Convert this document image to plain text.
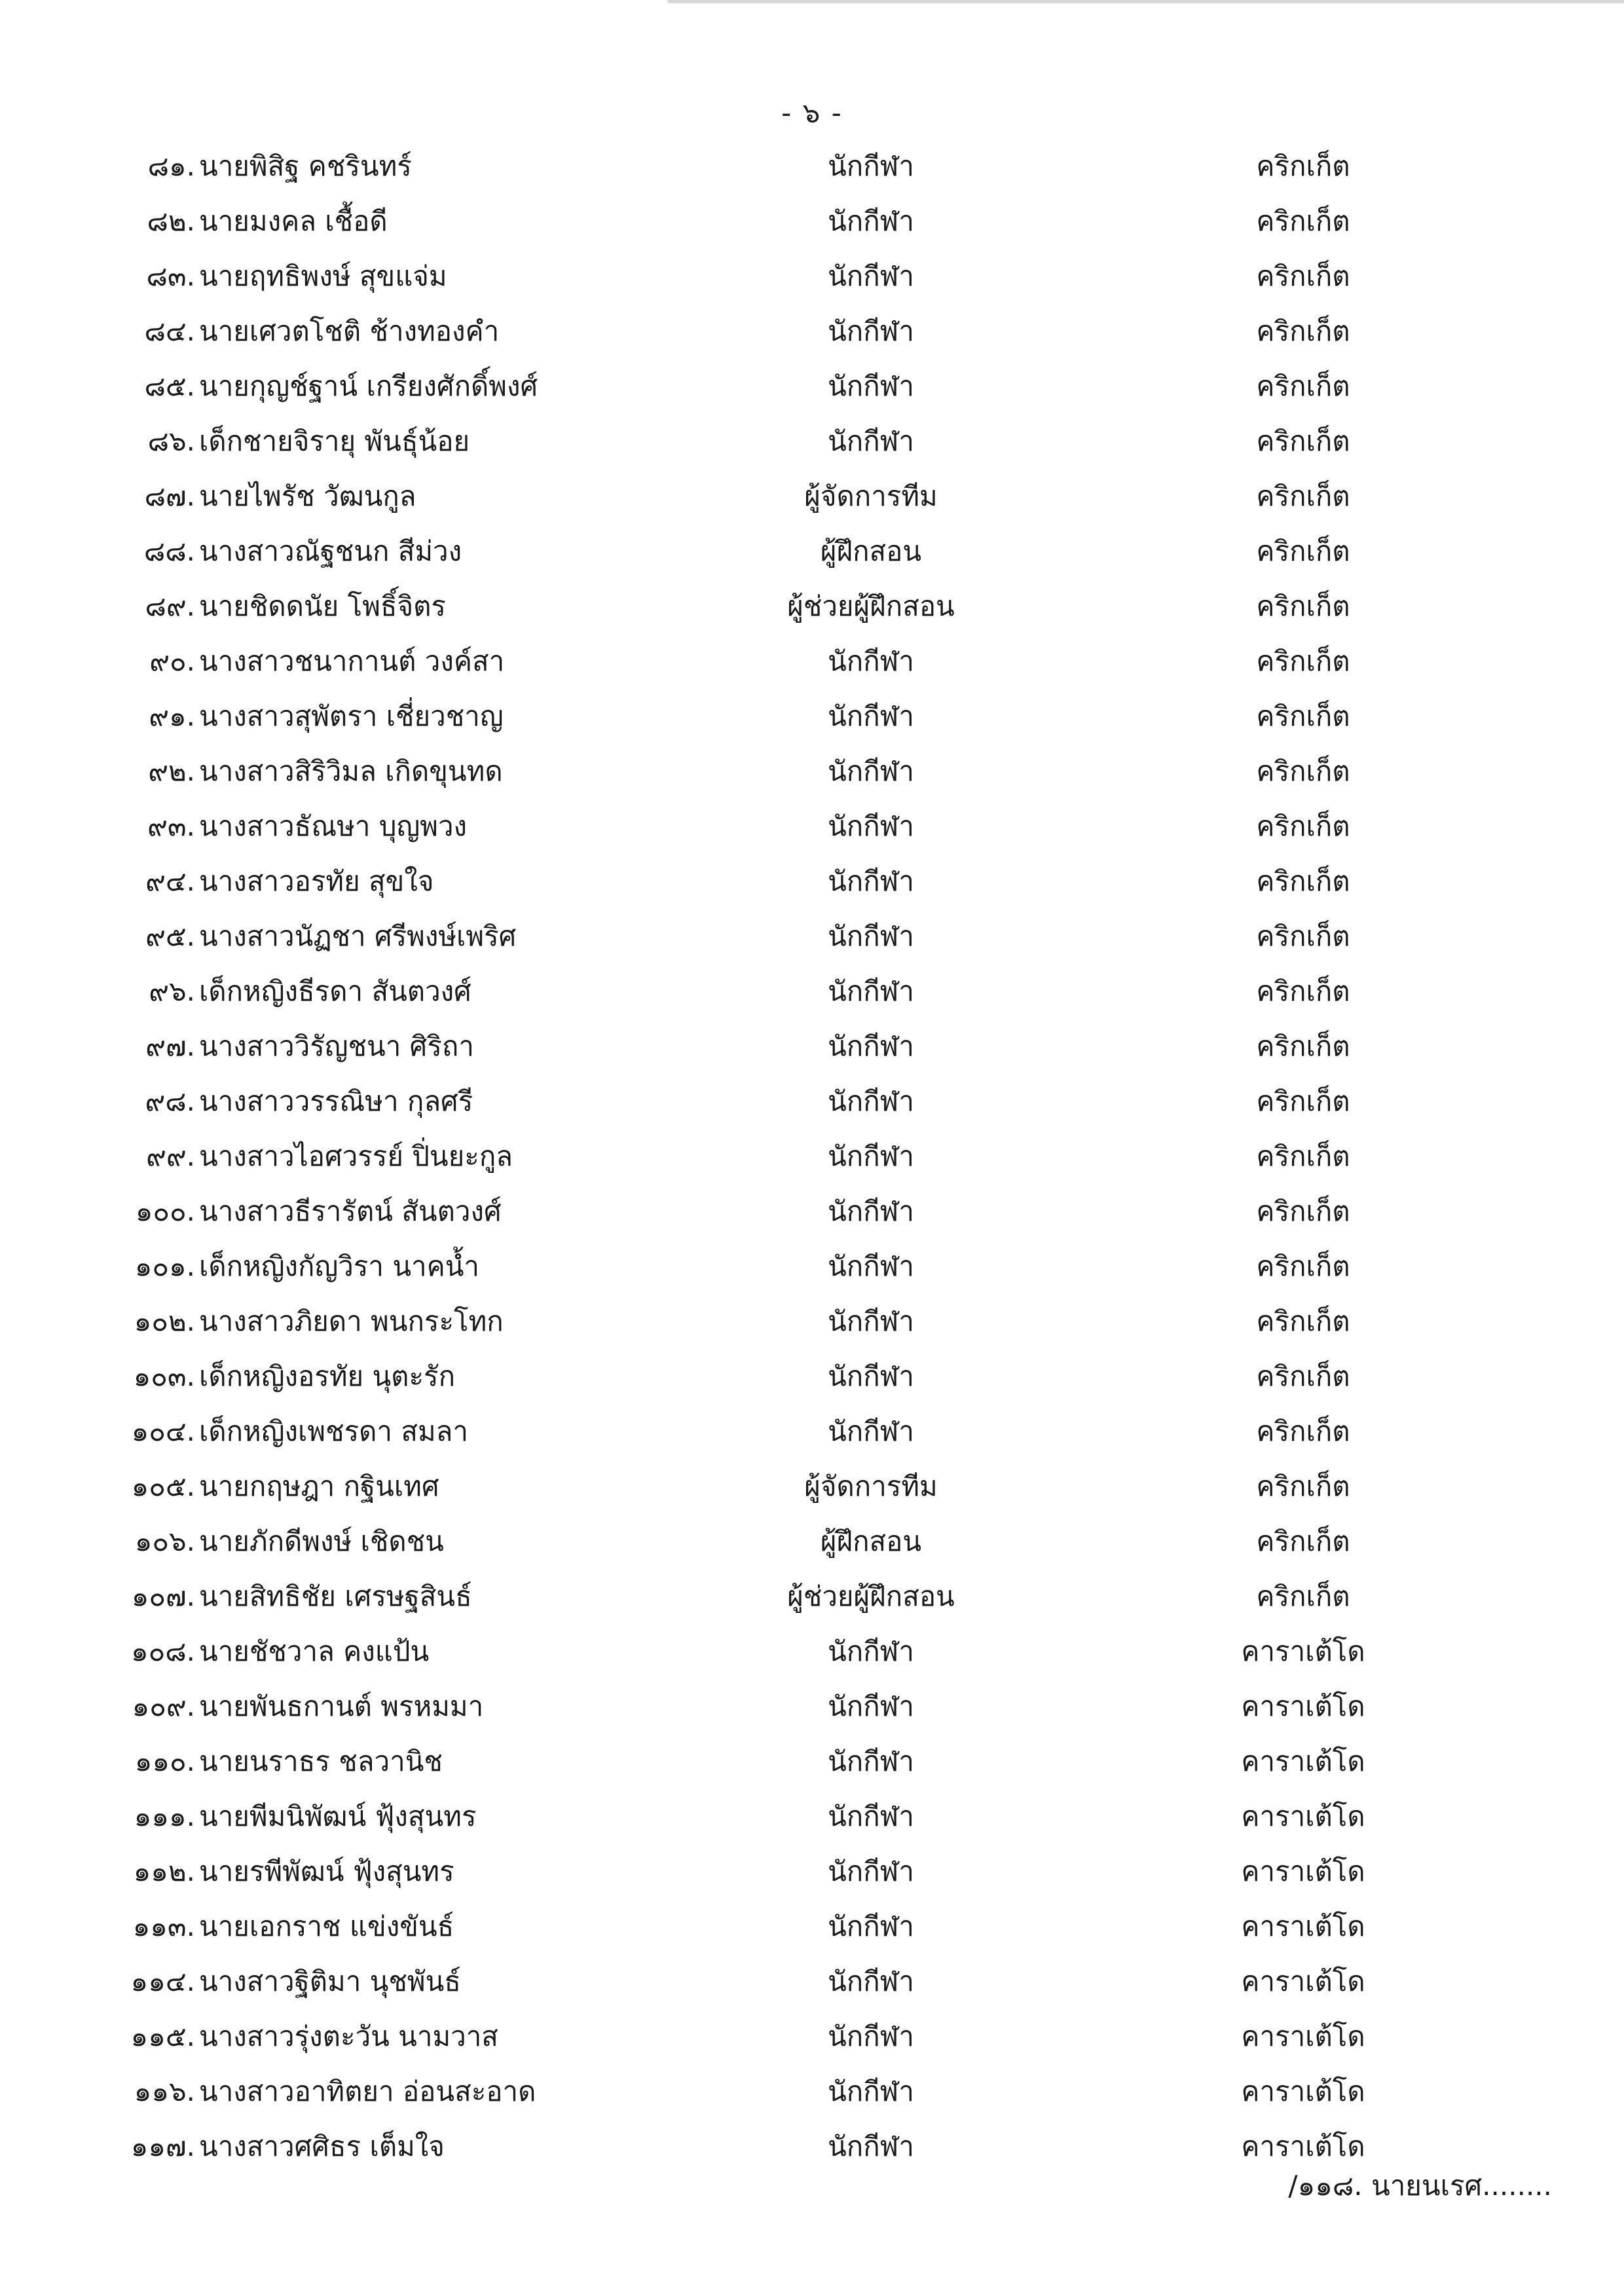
- ๖ -
๘๑. นายพิสิฐ คชรินทร์	นักกีฬา	คริกเก็ต
๘๒. นายมงคล เชื้อดี	นักกีฬา	คริกเก็ต
๘๓. นายฤทธิพงษ์ สุขแจ่ม	นักกีฬา	คริกเก็ต
๘๔. นายเศวตโชติ ช้างทองคำ	นักกีฬา	คริกเก็ต
๘๕. นายกุญช์ฐาน์ เกรียงศักดิ์พงศ์	นักกีฬา	คริกเก็ต
๘๖. เด็กชายจิรายุ พันธุ์น้อย	นักกีฬา	คริกเก็ต
๘๗. นายไพรัช วัฒนกูล	ผู้จัดการทีม	คริกเก็ต
๘๘. นางสาวณัฐชนก สีม่วง	ผู้ฝึกสอน	คริกเก็ต
๘๙. นายชิดดนัย โพธิ์จิตร	ผู้ช่วยผู้ฝึกสอน	คริกเก็ต
๙๐. นางสาวชนากานต์ วงค์สา	นักกีฬา	คริกเก็ต
๙๑. นางสาวสุพัตรา เชี่ยวชาญ	นักกีฬา	คริกเก็ต
๙๒. นางสาวสิริวิมล เกิดขุนทด	นักกีฬา	คริกเก็ต
๙๓. นางสาวธัณษา บุญพวง	นักกีฬา	คริกเก็ต
๙๔. นางสาวอรทัย สุขใจ	นักกีฬา	คริกเก็ต
๙๕. นางสาวนัฏชา ศรีพงษ์เพริศ	นักกีฬา	คริกเก็ต
๙๖. เด็กหญิงธีรดา สันตวงศ์	นักกีฬา	คริกเก็ต
๙๗. นางสาววิรัญชนา ศิริถา	นักกีฬา	คริกเก็ต
๙๘. นางสาววรรณิษา กุลศรี	นักกีฬา	คริกเก็ต
๙๙. นางสาวไอศวรรย์ ปิ่นยะกูล	นักกีฬา	คริกเก็ต
๑๐๐. นางสาวธีรารัตน์ สันตวงศ์	นักกีฬา	คริกเก็ต
๑๐๑. เด็กหญิงกัญวิรา นาคน้ำ	นักกีฬา	คริกเก็ต
๑๐๒. นางสาวภิยดา พนกระโทก	นักกีฬา	คริกเก็ต
๑๐๓. เด็กหญิงอรทัย นุตะรัก	นักกีฬา	คริกเก็ต
๑๐๔. เด็กหญิงเพชรดา สมลา	นักกีฬา	คริกเก็ต
๑๐๕. นายกฤษฎา กฐินเทศ	ผู้จัดการทีม	คริกเก็ต
๑๐๖. นายภักดีพงษ์ เชิดชน	ผู้ฝึกสอน	คริกเก็ต
๑๐๗. นายสิทธิชัย เศรษฐสินธ์	ผู้ช่วยผู้ฝึกสอน	คริกเก็ต
๑๐๘. นายชัชวาล คงแป้น	นักกีฬา	คาราเต้โด
๑๐๙. นายพันธกานต์ พรหมมา	นักกีฬา	คาราเต้โด
๑๑๐. นายนราธร ชลวานิช	นักกีฬา	คาราเต้โด
๑๑๑. นายพีมนิพัฒน์ ฟุ้งสุนทร	นักกีฬา	คาราเต้โด
๑๑๒. นายรพีพัฒน์ ฟุ้งสุนทร	นักกีฬา	คาราเต้โด
๑๑๓. นายเอกราช แข่งขันธ์	นักกีฬา	คาราเต้โด
๑๑๔. นางสาวฐิติมา นุชพันธ์	นักกีฬา	คาราเต้โด
๑๑๕. นางสาวรุ่งตะวัน นามวาส	นักกีฬา	คาราเต้โด
๑๑๖. นางสาวอาทิตยา อ่อนสะอาด	นักกีฬา	คาราเต้โด
๑๑๗. นางสาวศศิธร เต็มใจ	นักกีฬา	คาราเต้โด
/๑๑๘. นายนเรศ........
